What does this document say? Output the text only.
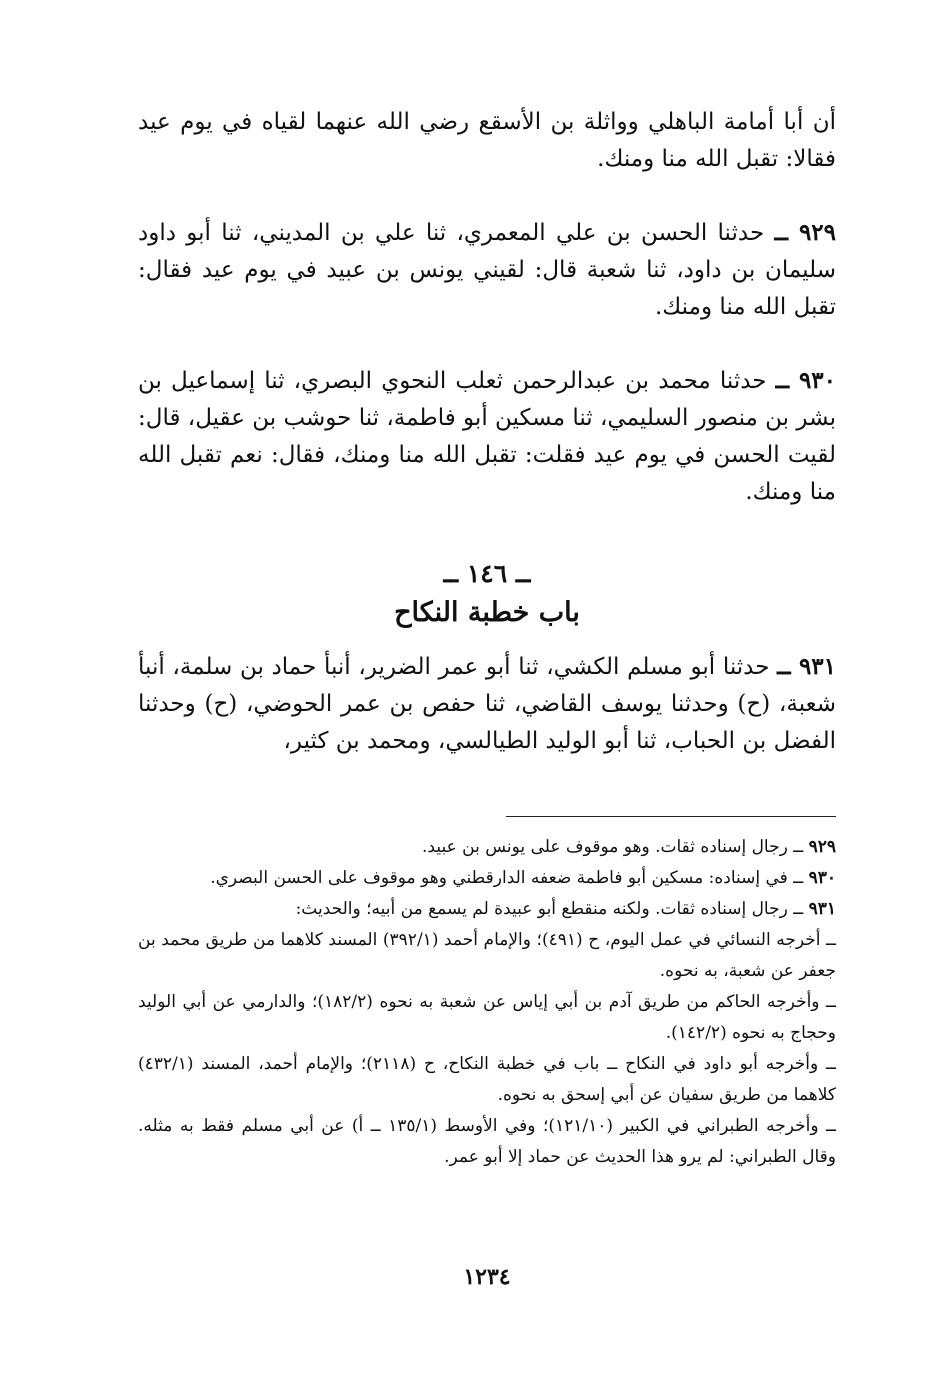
أن أبا أمامة الباهلي وواثلة بن الأسقع رضي الله عنهما لقياه في يوم عيد فقالا: تقبل الله منا ومنك.

٩٢٩ ــ حدثنا الحسن بن علي المعمري، ثنا علي بن المديني، ثنا أبو داود سليمان بن داود، ثنا شعبة قال: لقيني يونس بن عبيد في يوم عيد فقال: تقبل الله منا ومنك.

٩٣٠ ــ حدثنا محمد بن عبدالرحمن ثعلب النحوي البصري، ثنا إسماعيل بن بشر بن منصور السليمي، ثنا مسكين أبو فاطمة، ثنا حوشب بن عقيل، قال: لقيت الحسن في يوم عيد فقلت: تقبل الله منا ومنك، فقال: نعم تقبل الله منا ومنك.

ــ ١٤٦ ــ
باب خطبة النكاح

٩٣١ ــ حدثنا أبو مسلم الكشي، ثنا أبو عمر الضرير، أنبأ حماد بن سلمة، أنبأ شعبة، (ح) وحدثنا يوسف القاضي، ثنا حفص بن عمر الحوضي، (ح) وحدثنا الفضل بن الحباب، ثنا أبو الوليد الطيالسي، ومحمد بن كثير،

٩٢٩ ــ رجال إسناده ثقات. وهو موقوف على يونس بن عبيد.

٩٣٠ ــ في إسناده: مسكين أبو فاطمة ضعفه الدارقطني وهو موقوف على الحسن البصري.

٩٣١ ــ رجال إسناده ثقات. ولكنه منقطع أبو عبيدة لم يسمع من أبيه؛ والحديث:

ــ أخرجه النسائي في عمل اليوم، ح (٤٩١)؛ والإمام أحمد (٣٩٢/١) المسند كلاهما من طريق محمد بن جعفر عن شعبة، به نحوه.

ــ وأخرجه الحاكم من طريق آدم بن أبي إياس عن شعبة به نحوه (١٨٢/٢)؛ والدارمي عن أبي الوليد وحجاج به نحوه (١٤٢/٢).

ــ وأخرجه أبو داود في النكاح ــ باب في خطبة النكاح، ح (٢١١٨)؛ والإمام أحمد، المسند (٤٣٢/١) كلاهما من طريق سفيان عن أبي إسحق به نحوه.

ــ وأخرجه الطبراني في الكبير (١٢١/١٠)؛ وفي الأوسط (١٣٥/١ ــ أ) عن أبي مسلم فقط به مثله. وقال الطبراني: لم يرو هذا الحديث عن حماد إلا أبو عمر.

١٢٣٤
